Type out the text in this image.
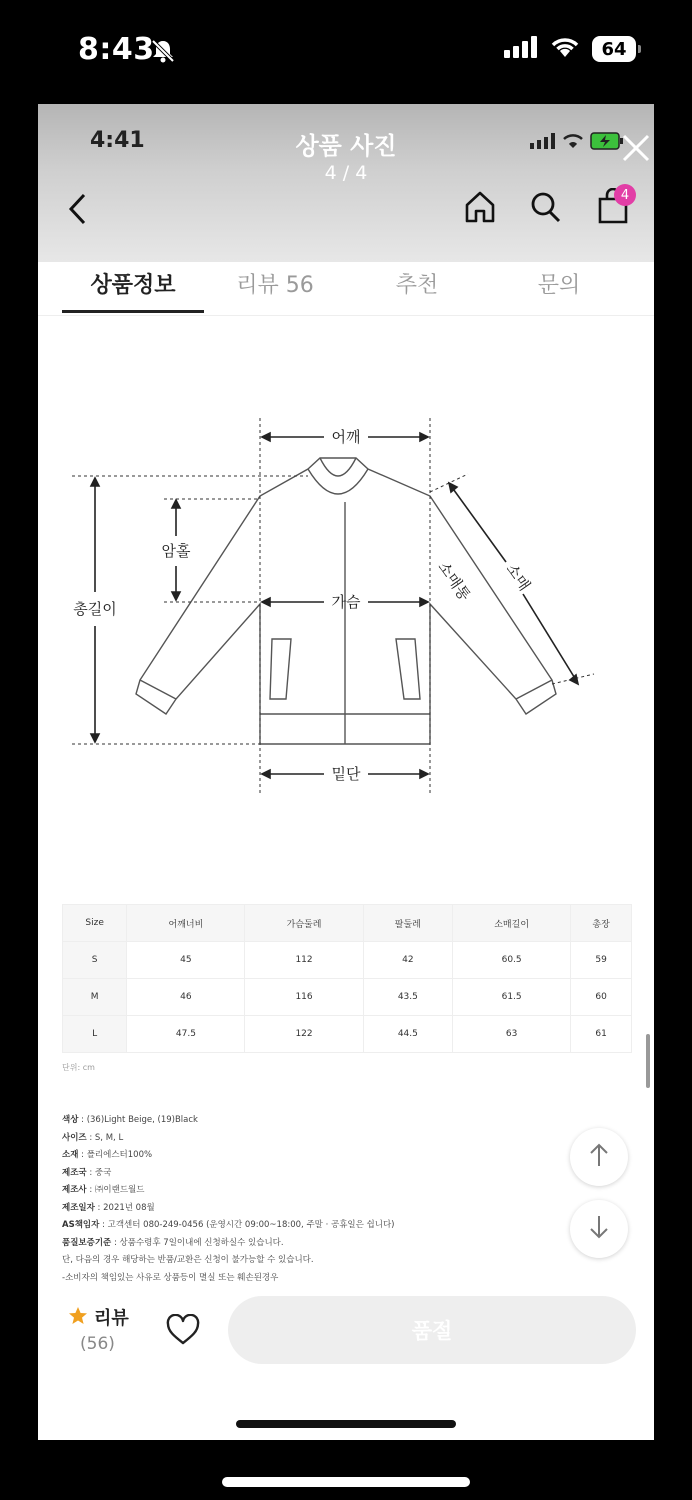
8:43	64
4:41	상품 사진
4 / 4
4
상품정보	리뷰 56	추천	문의
어깨
암홀
총길이	가슴	소매통 소매
밑단
Size	어깨너비	가슴둘레	팔둘레	소매길이	총장
S	45	112	42	60.5	59
M	46	116	43.5	61.5	60
L	47.5	122	44.5	63	61
단위: cm
색상 : (36)Light Beige, (19)Black
사이즈 : S, M, L
소재 : 폴리에스터100%
제조국 : 중국
제조사 : ㈜이랜드월드
제조일자 : 2021년 08월
AS책임자 : 고객센터 080-249-0456 (운영시간 09:00~18:00, 주말 · 공휴일은 쉽니다)
품질보증기준 : 상품수령후 7일이내에 신청하실수 있습니다.
단, 다음의 경우 해당하는 반품/교환은 신청이 불가능할 수 있습니다.
-소비자의 책임있는 사유로 상품등이 멸실 또는 훼손된경우
리뷰
(56)
품절
